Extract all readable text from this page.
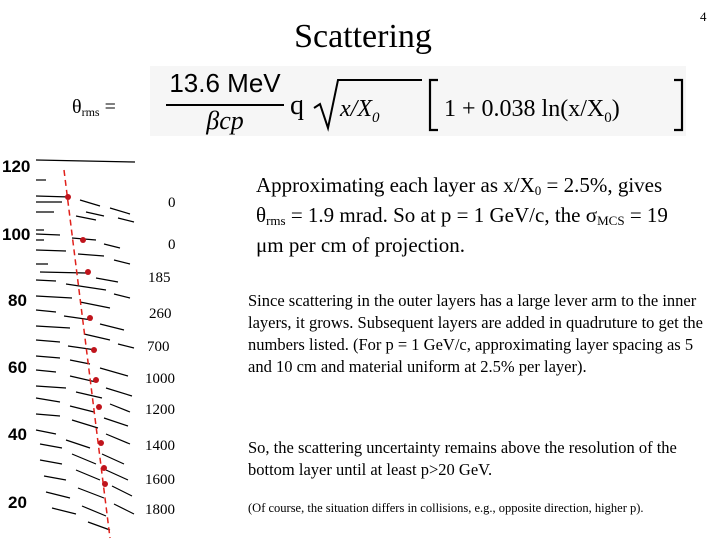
4
Scattering
$\theta_{rms}$ =
13.6 MeV
βcp	q $x/X_0$	1 + 0.038 $\ln(x/X_0)$
120
100
80
60
40
20
0
0
185
260
700
1000
1200
1400
1600
1800
Approximating each layer as $x/X_0 = 2.5\%$, gives $\theta_{rms} = 1.9$ mrad. So at p = 1 GeV/c, the σMCS = 19 μm per cm of projection.
Since scattering in the outer layers has a large lever arm to the inner layers, it grows. Subsequent layers are added in quadruture to get the numbers listed. (For p = 1 GeV/c, approximating layer spacing as 5 and 10 cm and material uniform at 2.5% per layer).
So, the scattering uncertainty remains above the resolution of the bottom layer until at least p>20 GeV.
(Of course, the situation differs in collisions, e.g., opposite direction, higher p).
